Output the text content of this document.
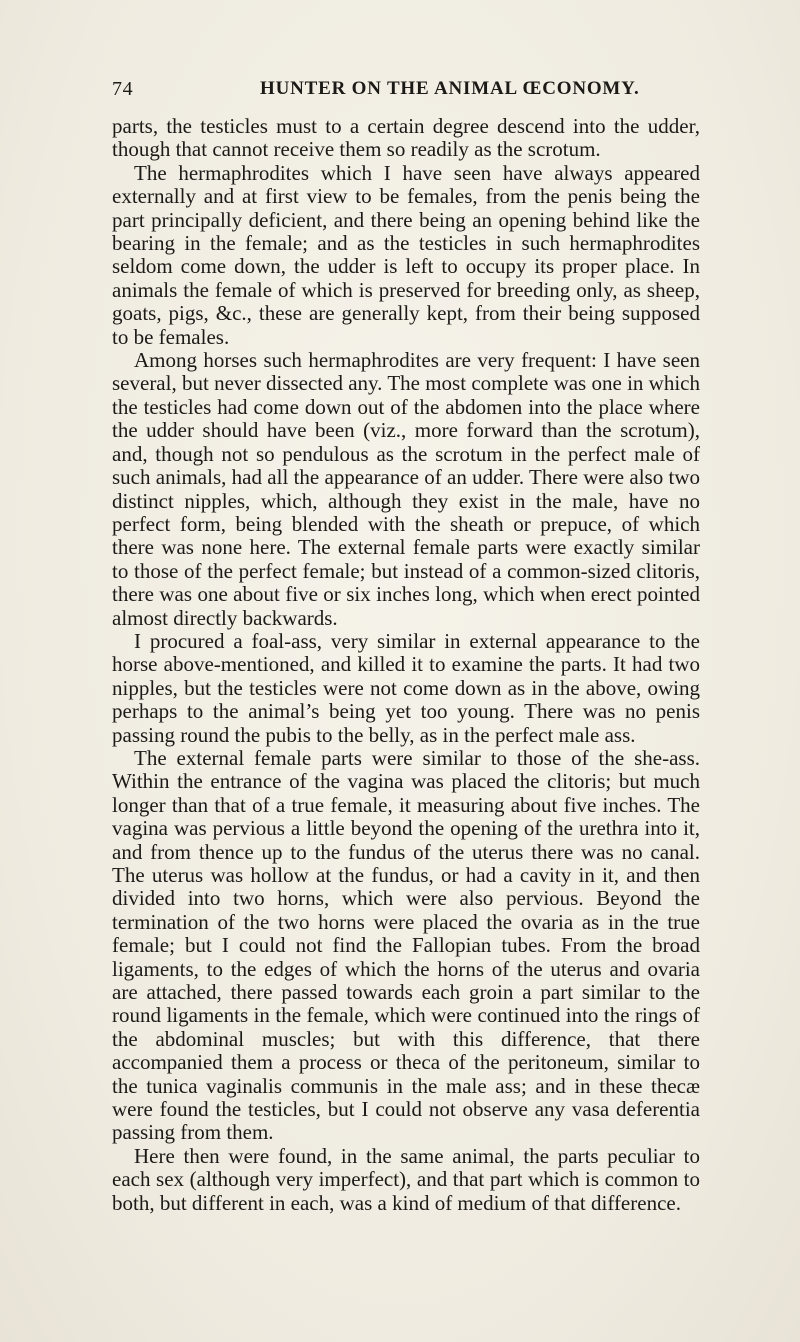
74	HUNTER ON THE ANIMAL ŒCONOMY.

parts, the testicles must to a certain degree descend into the udder, though that cannot receive them so readily as the scrotum.

The hermaphrodites which I have seen have always appeared externally and at first view to be females, from the penis being the part principally deficient, and there being an opening behind like the bearing in the female; and as the testicles in such hermaphrodites seldom come down, the udder is left to occupy its proper place. In animals the female of which is preserved for breeding only, as sheep, goats, pigs, &c., these are generally kept, from their being supposed to be females.

Among horses such hermaphrodites are very frequent: I have seen several, but never dissected any. The most complete was one in which the testicles had come down out of the abdomen into the place where the udder should have been (viz., more forward than the scrotum), and, though not so pendulous as the scrotum in the perfect male of such animals, had all the appearance of an udder. There were also two distinct nipples, which, although they exist in the male, have no perfect form, being blended with the sheath or prepuce, of which there was none here. The external female parts were exactly similar to those of the perfect female; but instead of a common-sized clitoris, there was one about five or six inches long, which when erect pointed almost directly backwards.

I procured a foal-ass, very similar in external appearance to the horse above-mentioned, and killed it to examine the parts. It had two nipples, but the testicles were not come down as in the above, owing perhaps to the animal’s being yet too young. There was no penis passing round the pubis to the belly, as in the perfect male ass.

The external female parts were similar to those of the she-ass. Within the entrance of the vagina was placed the clitoris; but much longer than that of a true female, it measuring about five inches. The vagina was pervious a little beyond the opening of the urethra into it, and from thence up to the fundus of the uterus there was no canal. The uterus was hollow at the fundus, or had a cavity in it, and then divided into two horns, which were also pervious. Beyond the termination of the two horns were placed the ovaria as in the true female; but I could not find the Fallopian tubes. From the broad ligaments, to the edges of which the horns of the uterus and ovaria are attached, there passed towards each groin a part similar to the round ligaments in the female, which were continued into the rings of the abdominal muscles; but with this difference, that there accompanied them a process or theca of the peritoneum, similar to the tunica vaginalis communis in the male ass; and in these thecæ were found the testicles, but I could not observe any vasa deferentia passing from them.

Here then were found, in the same animal, the parts peculiar to each sex (although very imperfect), and that part which is common to both, but different in each, was a kind of medium of that difference.
